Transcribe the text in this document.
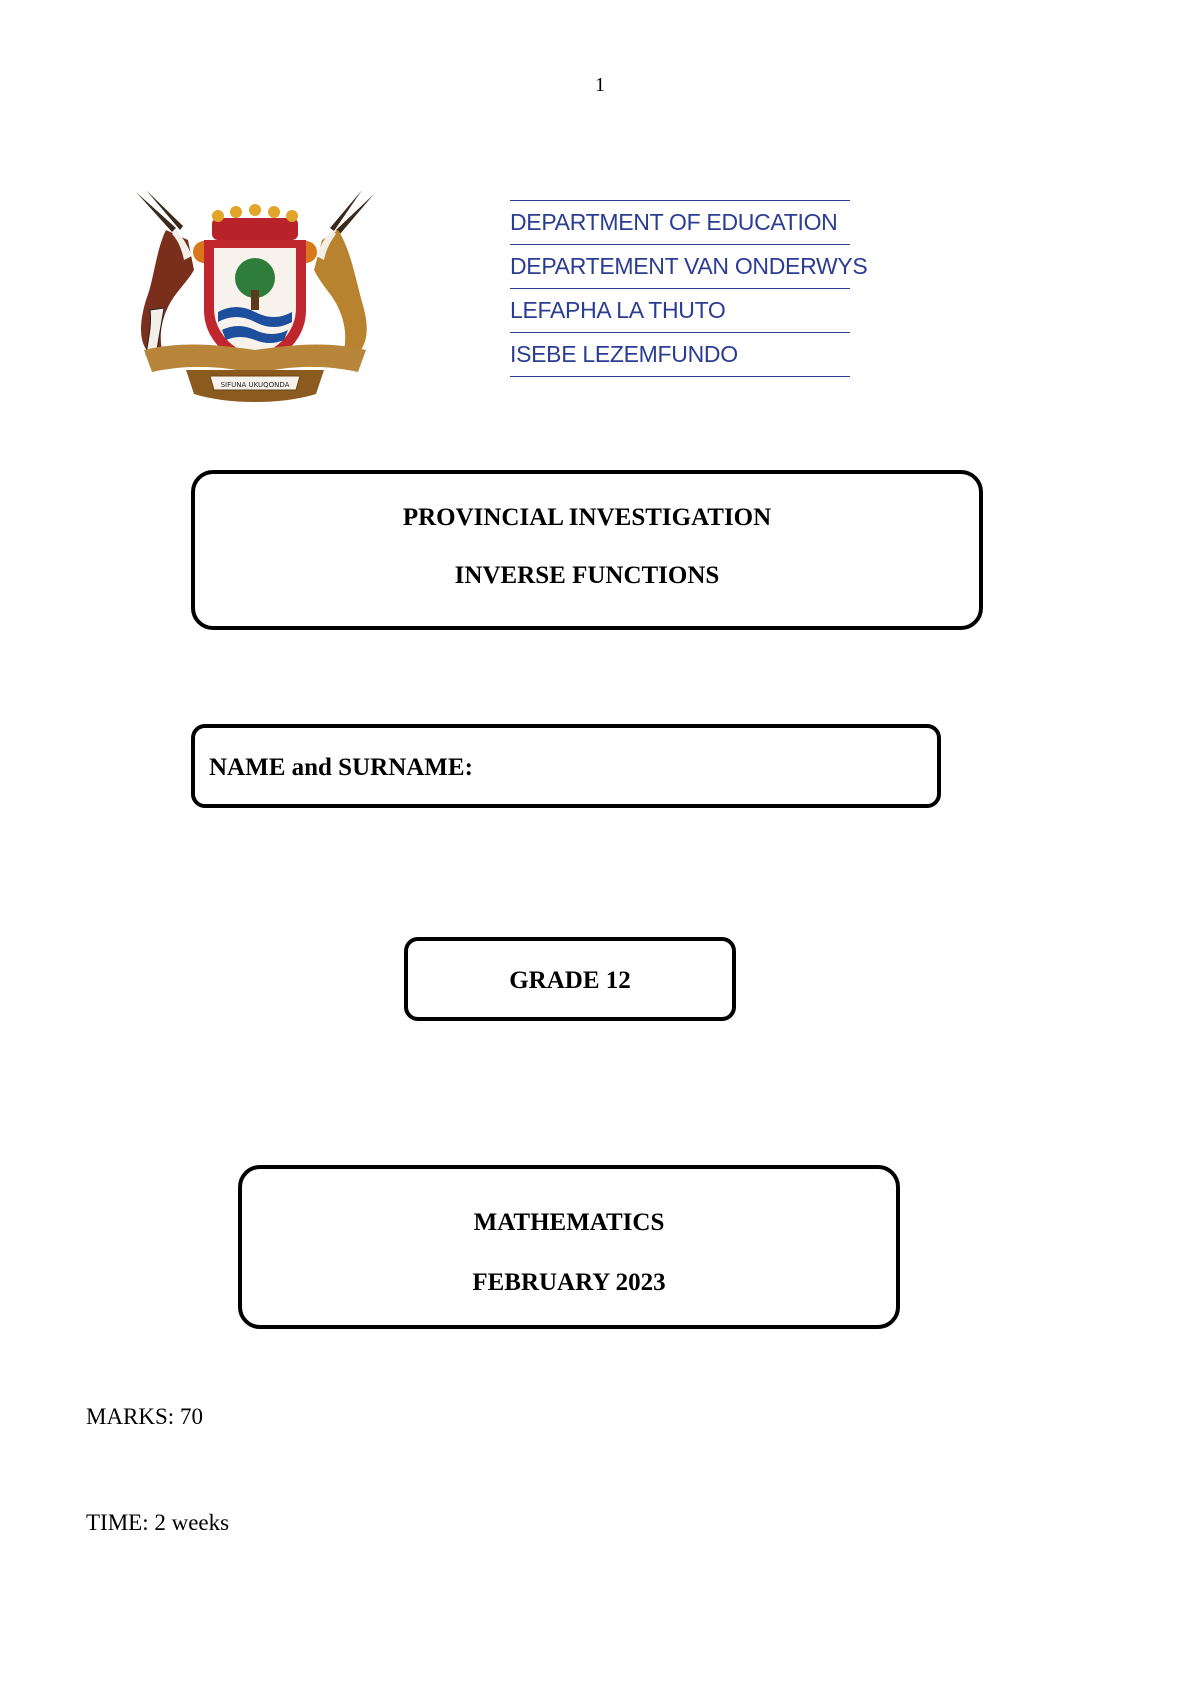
1
SIFUNA UKUQONDA
DEPARTMENT OF EDUCATION
DEPARTEMENT VAN ONDERWYS
LEFAPHA LA THUTO
ISEBE LEZEMFUNDO
PROVINCIAL INVESTIGATION
INVERSE FUNCTIONS
NAME and SURNAME:
GRADE 12
MATHEMATICS
FEBRUARY 2023
MARKS: 70
TIME: 2 weeks
